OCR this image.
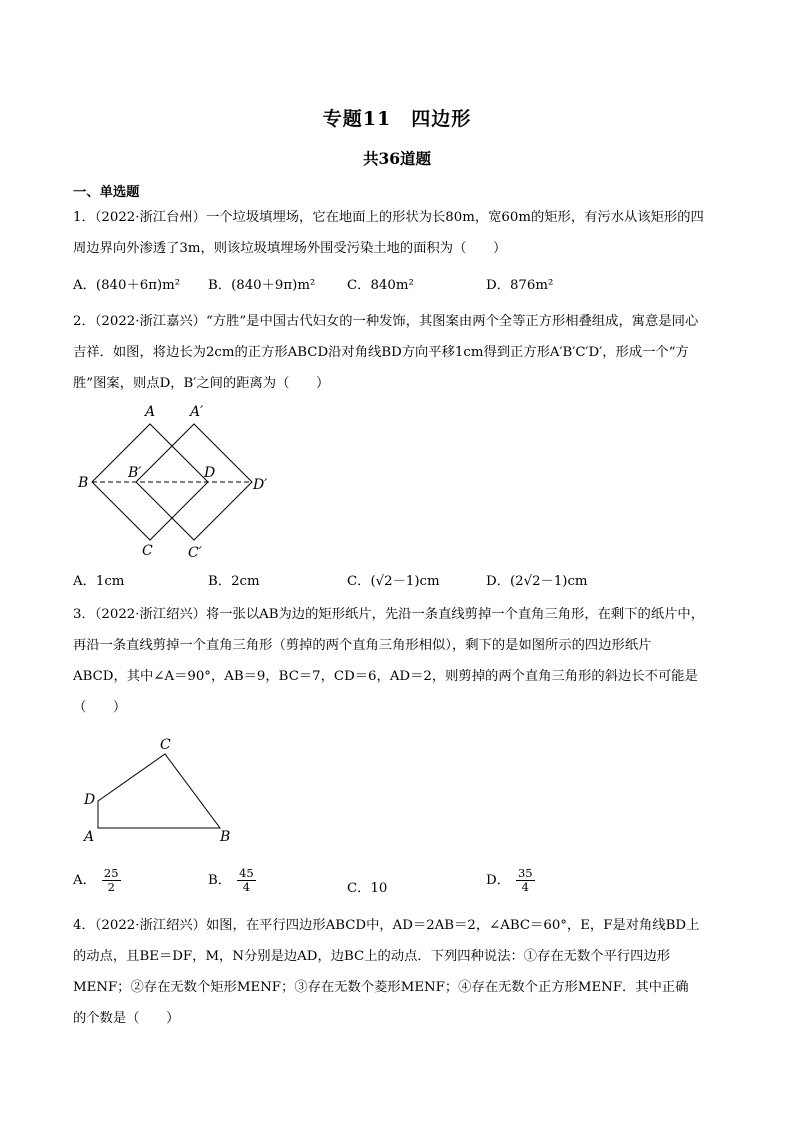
专题11　四边形
共36道题
一、单选题
1．（2022·浙江台州）一个垃圾填埋场，它在地面上的形状为长80m，宽60m的矩形，有污水从该矩形的四
周边界向外渗透了3m，则该垃圾填埋场外围受污染土地的面积为（　　）
A．(840＋6π)m² B．(840＋9π)m² C．840m²	D．876m²
2．（2022·浙江嘉兴）“方胜”是中国古代妇女的一种发饰，其图案由两个全等正方形相叠组成，寓意是同心
吉祥．如图，将边长为2cm的正方形ABCD沿对角线BD方向平移1cm得到正方形A′B′C′D′，形成一个“方
胜”图案，则点D，B′之间的距离为（　　）
A A′
B
B′	D
D′
C	C′
A．1cm	B．2cm	C．(√2－1)cm	D．(2√2－1)cm
3．（2022·浙江绍兴）将一张以AB为边的矩形纸片，先沿一条直线剪掉一个直角三角形，在剩下的纸片中，
再沿一条直线剪掉一个直角三角形（剪掉的两个直角三角形相似），剩下的是如图所示的四边形纸片
ABCD，其中∠A＝90°，AB＝9，BC＝7，CD＝6，AD＝2，则剪掉的两个直角三角形的斜边长不可能是
（　　）
C
D
A	B
A． $\frac{25}{2}$	B． $\frac{45}{4}$	C．10
D． $\frac{35}{4}$
4．（2022·浙江绍兴）如图，在平行四边形ABCD中，AD＝2AB＝2，∠ABC＝60°，E，F是对角线BD上
的动点，且BE＝DF，M，N分别是边AD，边BC上的动点．下列四种说法：①存在无数个平行四边形
MENF；②存在无数个矩形MENF；③存在无数个菱形MENF；④存在无数个正方形MENF．其中正确
的个数是（　　）
